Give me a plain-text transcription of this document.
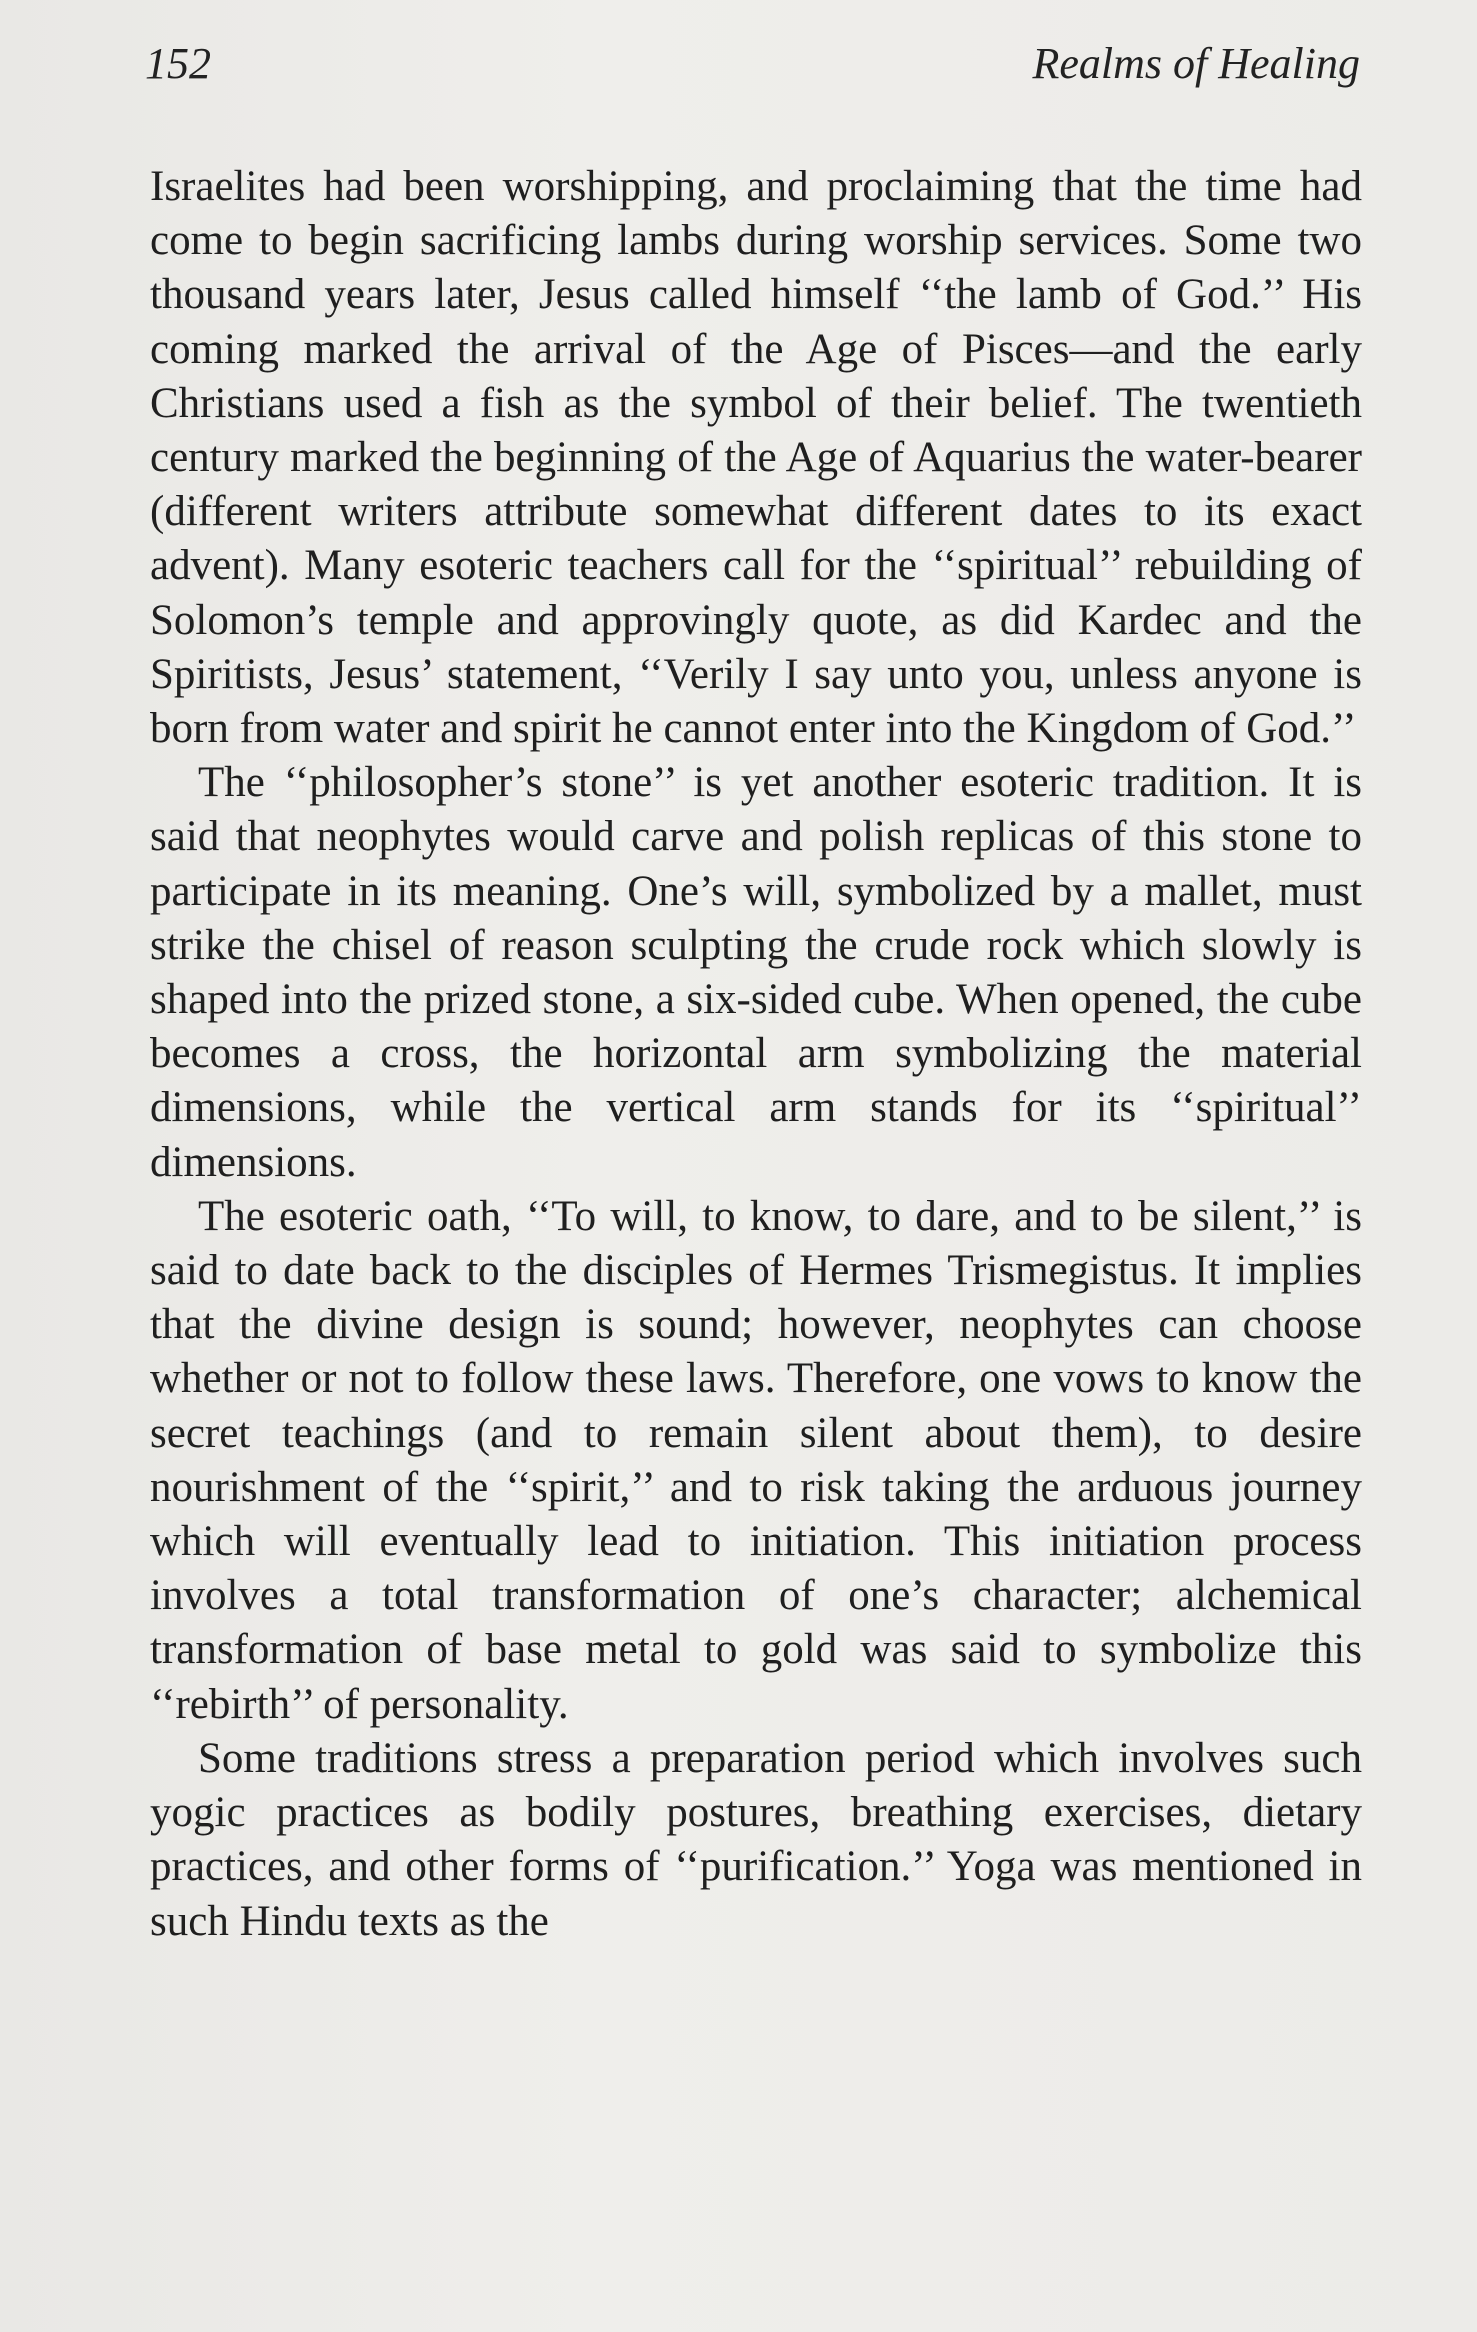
152	Realms of Healing

Israelites had been worshipping, and proclaiming that the time had come to begin sacrificing lambs during worship services. Some two thousand years later, Jesus called himself ‘‘the lamb of God.’’ His coming marked the arrival of the Age of Pisces—and the early Christians used a fish as the symbol of their belief. The twentieth century marked the beginning of the Age of Aquarius the water-bearer (different writers attribute somewhat different dates to its exact advent). Many esoteric teachers call for the ‘‘spiritual’’ rebuilding of Solomon’s temple and approvingly quote, as did Kardec and the Spiritists, Jesus’ statement, ‘‘Verily I say unto you, unless anyone is born from water and spirit he cannot enter into the Kingdom of God.’’

The ‘‘philosopher’s stone’’ is yet another esoteric tradition. It is said that neophytes would carve and polish replicas of this stone to participate in its meaning. One’s will, symbolized by a mallet, must strike the chisel of reason sculpting the crude rock which slowly is shaped into the prized stone, a six-sided cube. When opened, the cube becomes a cross, the horizontal arm symbolizing the material dimensions, while the vertical arm stands for its ‘‘spiritual’’ dimensions.

The esoteric oath, ‘‘To will, to know, to dare, and to be silent,’’ is said to date back to the disciples of Hermes Trismegistus. It implies that the divine design is sound; however, neophytes can choose whether or not to follow these laws. Therefore, one vows to know the secret teachings (and to remain silent about them), to desire nourishment of the ‘‘spirit,’’ and to risk taking the arduous journey which will eventually lead to initiation. This initiation process involves a total transformation of one’s character; alchemical transformation of base metal to gold was said to symbolize this ‘‘rebirth’’ of personality.

Some traditions stress a preparation period which involves such yogic practices as bodily postures, breathing exercises, dietary practices, and other forms of ‘‘purification.’’ Yoga was mentioned in such Hindu texts as the
